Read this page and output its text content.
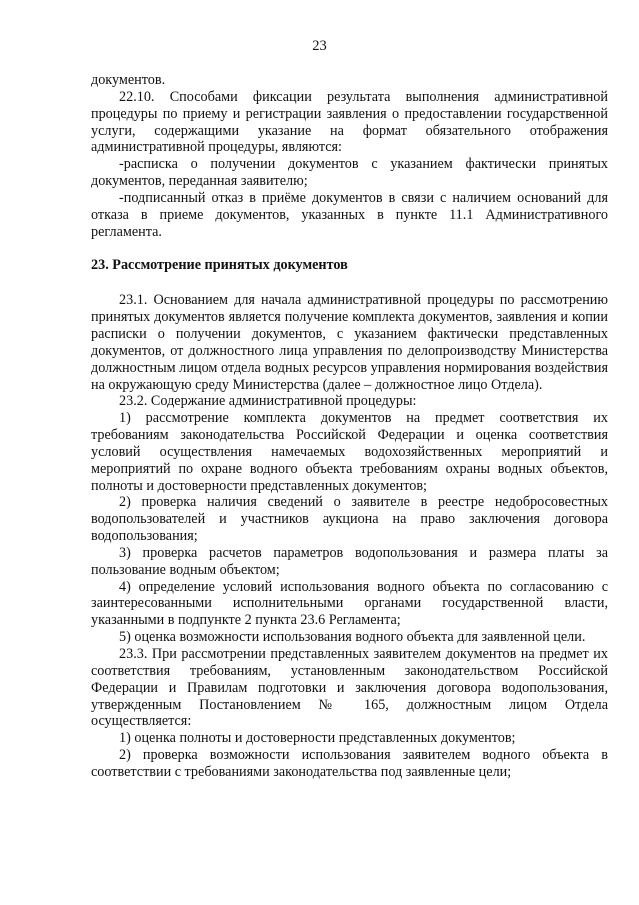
23

документов.

22.10. Способами фиксации результата выполнения административной процедуры по приему и регистрации заявления о предоставлении государственной услуги, содержащими указание на формат обязательного отображения административной процедуры, являются:

-расписка о получении документов с указанием фактически принятых документов, переданная заявителю;

-подписанный отказ в приёме документов в связи с наличием оснований для отказа в приеме документов, указанных в пункте 11.1 Административного регламента.

23. Рассмотрение принятых документов

23.1. Основанием для начала административной процедуры по рассмотрению принятых документов является получение комплекта документов, заявления и копии расписки о получении документов, с указанием фактически представленных документов, от должностного лица управления по делопроизводству Министерства должностным лицом отдела водных ресурсов управления нормирования воздействия на окружающую среду Министерства (далее – должностное лицо Отдела).

23.2. Содержание административной процедуры:

1) рассмотрение комплекта документов на предмет соответствия их требованиям законодательства Российской Федерации и оценка соответствия условий осуществления намечаемых водохозяйственных мероприятий и мероприятий по охране водного объекта требованиям охраны водных объектов, полноты и достоверности представленных документов;

2) проверка наличия сведений о заявителе в реестре недобросовестных водопользователей и участников аукциона на право заключения договора водопользования;

3) проверка расчетов параметров водопользования и размера платы за пользование водным объектом;

4) определение условий использования водного объекта по согласованию с заинтересованными исполнительными органами государственной власти, указанными в подпункте 2 пункта 23.6 Регламента;

5) оценка возможности использования водного объекта для заявленной цели.

23.3. При рассмотрении представленных заявителем документов на предмет их соответствия требованиям, установленным законодательством Российской Федерации и Правилам подготовки и заключения договора водопользования, утвержденным Постановлением № 165, должностным лицом Отдела осуществляется:

1) оценка полноты и достоверности представленных документов;

2) проверка возможности использования заявителем водного объекта в соответствии с требованиями законодательства под заявленные цели;
